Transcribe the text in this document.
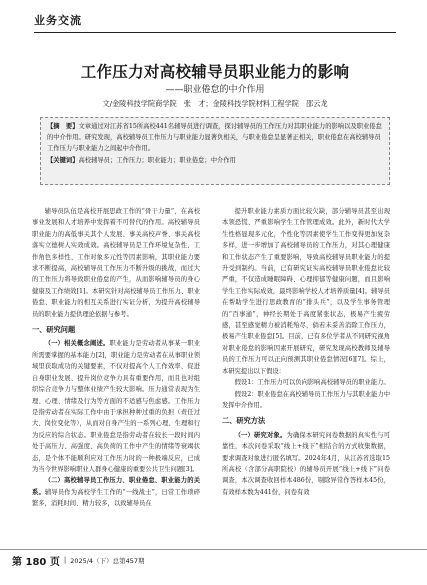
业务交流
工作压力对高校辅导员职业能力的影响
——职业倦怠的中介作用
文/金陵科技学院商学院　张　才；金陵科技学院材料工程学院　邵云龙
【摘　要】文章通过对江苏省15所高校441名辅导员进行调查，探讨辅导员的工作压力对其职业能力的影响以及职业倦怠的中介作用。研究发现，高校辅导员工作压力与职业能力显著负相关，与职业倦怠呈显著正相关，职业倦怠在高校辅导员工作压力与职业能力之间起中介作用。
【关键词】高校辅导员；工作压力；职业能力；职业倦怠；中介作用

辅导员队伍是高校开展思政工作的“骨干力量”，在高校事业发展和人才培养中发挥着不可替代的作用。高校辅导员职业能力的高低事关其个人发展、事关高校声誉、事关高校落实立德树人实效成效。高校辅导员是工作环境复杂性、工作角色多样性、工作对象多元性等因素影响，其职业能力要求不断提高，高校辅导员工作压力不断升级的挑战，而过大的工作压力将导致职业倦怠的产生，从而影响辅导员的身心健康及工作绩效[1]。本研究针对高校辅导员工作压力、职业倦怠、职业能力的相互关系进行实证分析，为提升高校辅导员的职业能力提供理论依据与参考。

一、研究问题

（一）相关概念阐述。职业能力是劳动者从事某一职业所需要掌握的基本能力[2]，职业能力是劳动者在从事职业领域里获取成功的关键要素，不仅对提高个人工作效率、促进自身职业发展、提升岗位竞争力具有重要作用，而且也对组织综合竞争力与整体业绩产生较大影响。压力通常表现为生理、心理、情绪及行为等方面的不适感与焦虑感。工作压力是指劳动者在实际工作中由于承担种种过重的负担（责任过大、岗位变化等），从而对自身产生的一系列心理、生理和行为反应的综合状态。职业倦怠是指劳动者在较长一段时间内处于高压力、高强度、高负荷的工作中产生的情绪等衰竭状态，是个体不能顺利应对工作压力时的一种极端反应，已成为当今世界影响职业人群身心健康的重要公共卫生问题[3]。

（二）高校辅导员工作压力、职业倦怠、职业能力的关系。辅导员作为高校学生工作的“一线战士”，日常工作琐碎繁多，消耗时间、精力较多，以致辅导员在

提升职业能力素质方面比较欠缺，部分辅导员甚至出现本领恐慌、严重影响学生工作管理成效。此外，新时代大学生性格显现多元化，个性化等因素使学生工作变得更加复杂多样，进一步增加了高校辅导员的工作压力，对其心理健康和工作状态产生了重要影响，导致高校辅导员职业能力的提升受到制约。当前，已有研究证实高校辅导员职业倦怠比较严重，不仅造成睡眠障碍、心理抑郁等健康问题，而且影响学生工作实际成效，最终影响学校人才培养质量[4]。辅导员在帮助学生进行思政教育的“排头兵”，以及学生事务管理的“百事通”，神经长期处于高度紧张状态，极易产生疲劳感，甚至感觉精力被消耗殆尽，倘若未妥善消除工作压力，极易产生职业倦怠[5]。目前，已有多位学者从不同研究视角对职业倦怠的影响因素开展研究，研究发现高校教师及辅导员的工作压力可以正向预测其职业倦怠情况[6][7]。综上，本研究提出以下假设：

假设1：工作压力可以负向影响高校辅导员的职业能力。

假设2：职业倦怠在高校辅导员工作压力与其职业能力中发挥中介作用。

二、研究方法

（一）研究对象。为确保本研究问卷数据的真实性与可靠性，本次问卷采取“线上+线下”相结合的方式收集数据，要求调查对象进行匿名填写。2024年4月，从江苏省选取15所高校（含部分高职院校）的辅导员开展“线上+线下”问卷调查，本次调查收回样本486份，剔除异常作答样本45份，有效样本数为441份，问卷有效

第 180 页 | 2025/4（下）总第457期
